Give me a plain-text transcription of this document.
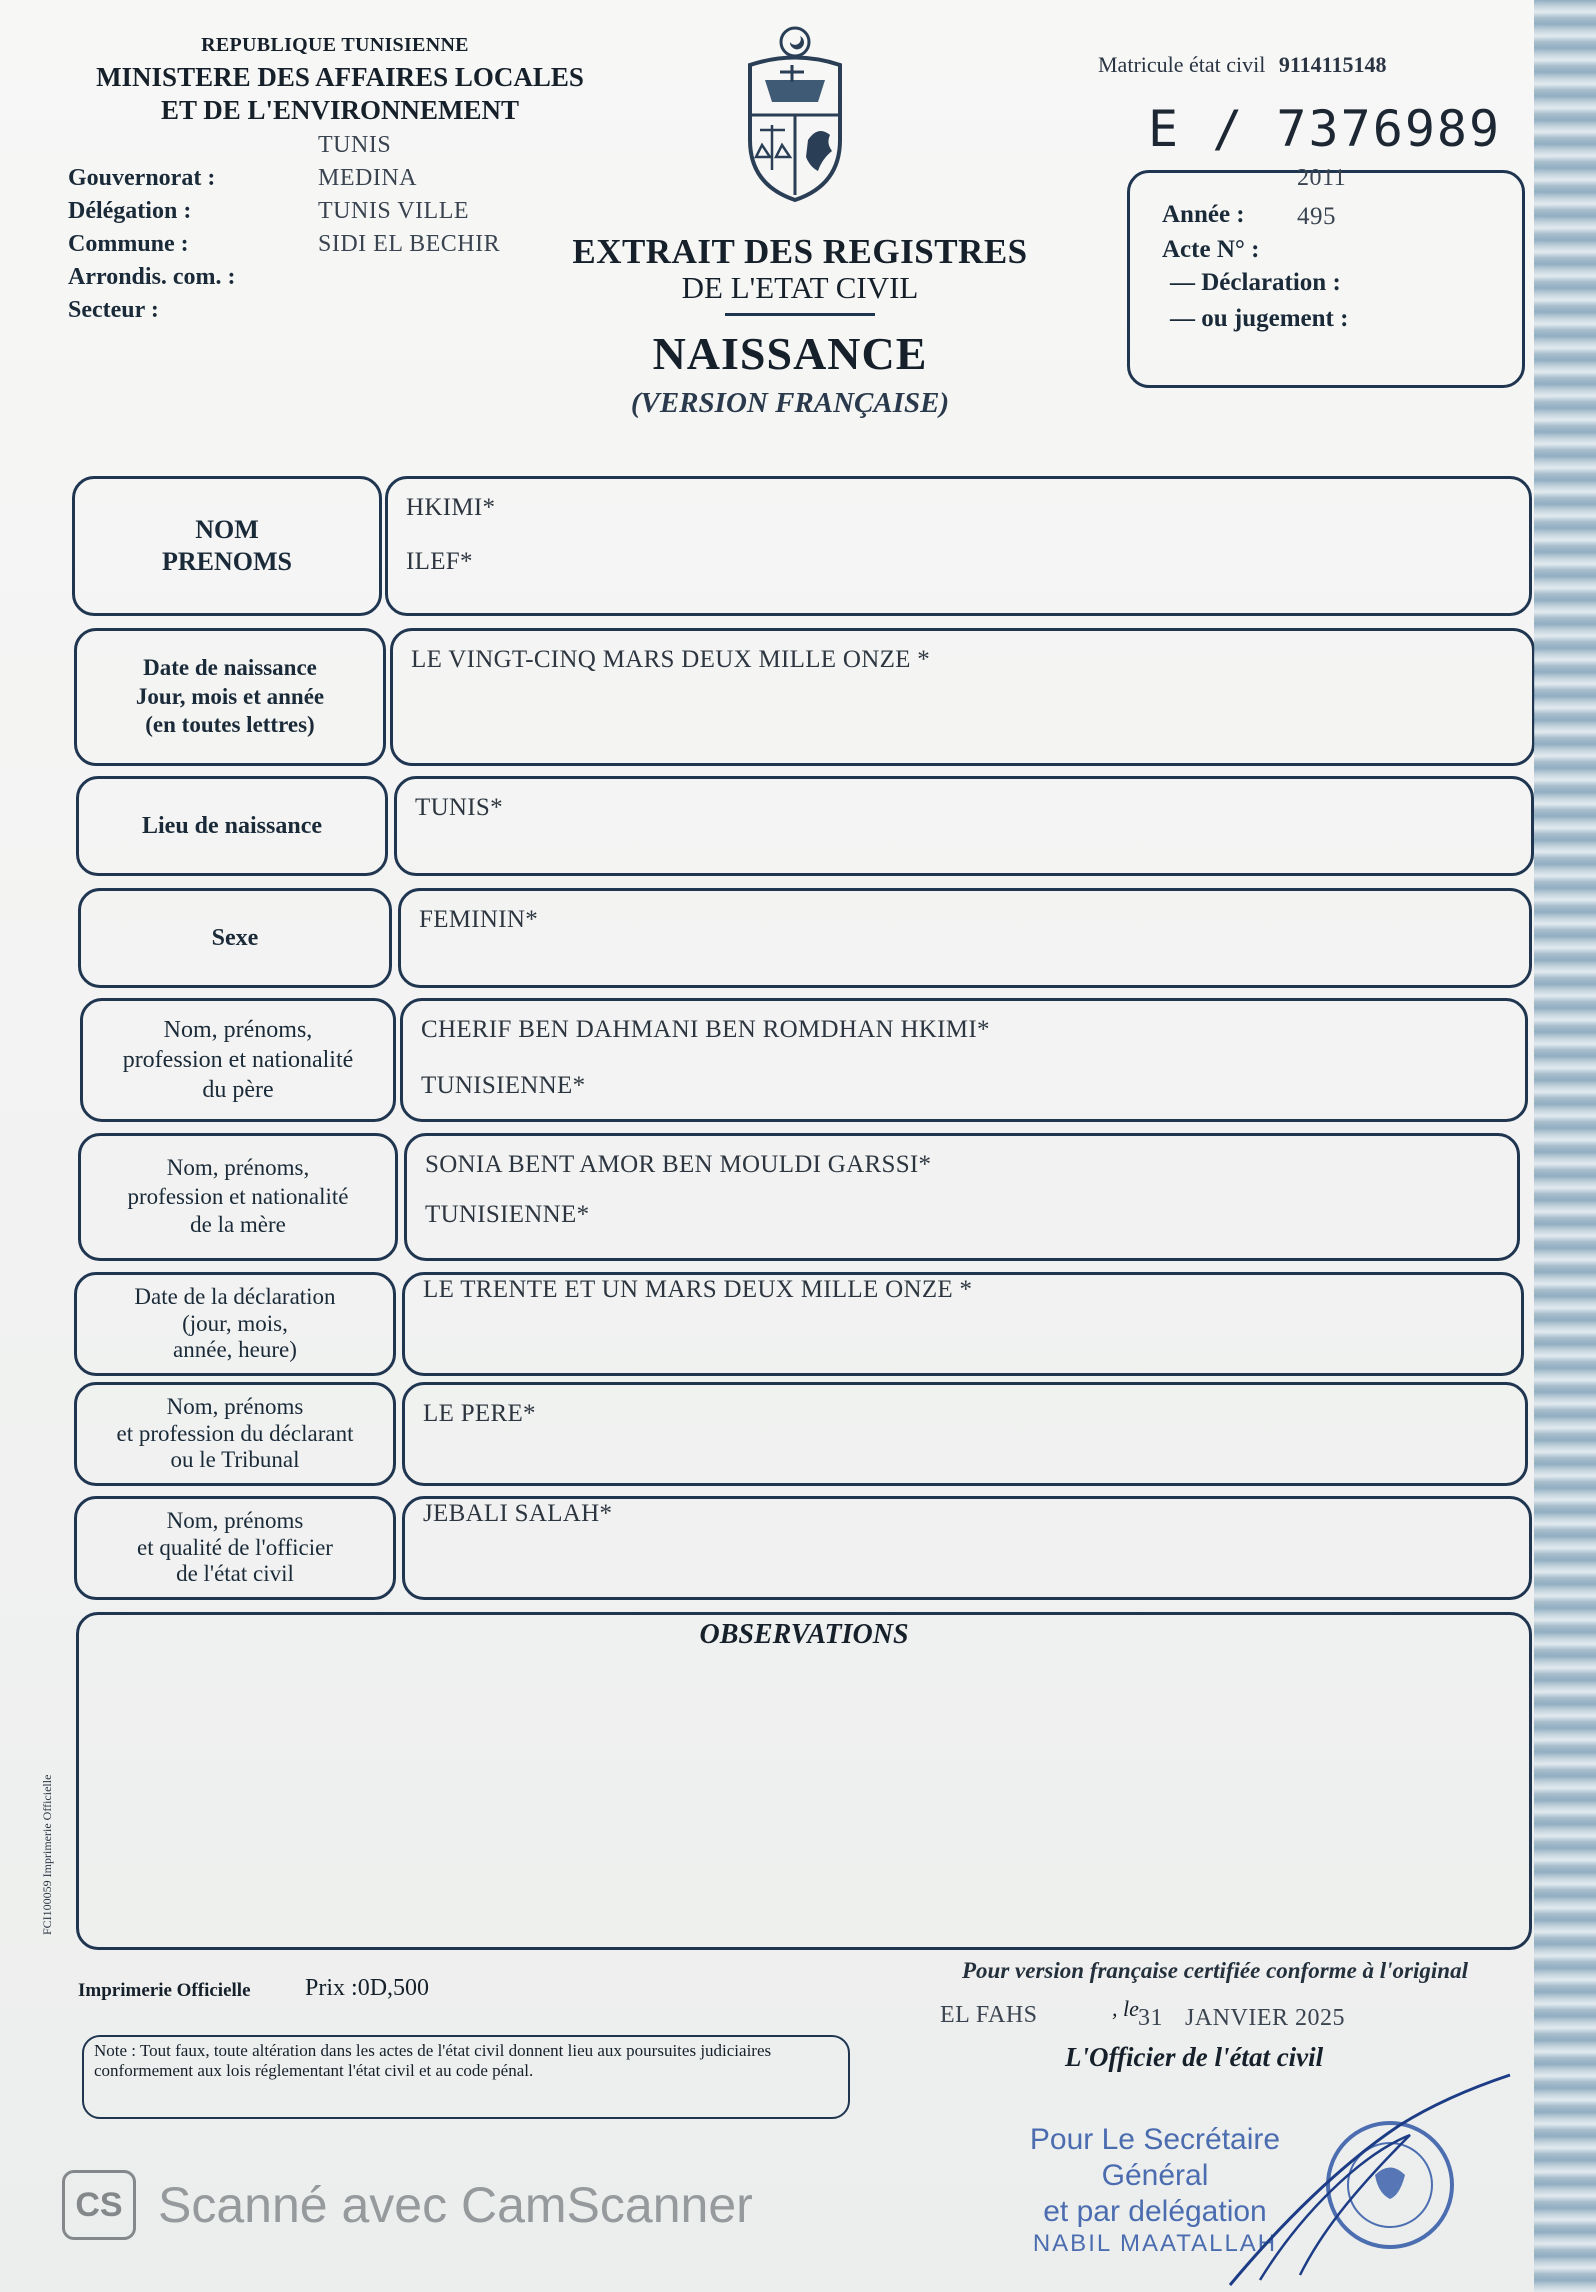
REPUBLIQUE TUNISIENNE
MINISTERE DES AFFAIRES LOCALES
ET DE L'ENVIRONNEMENT
Gouvernorat :
TUNIS
Délégation :
MEDINA
Commune :
TUNIS VILLE
Arrondis. com. :
SIDI EL BECHIR
Secteur :
Matricule état civil 9114115148
E / 7376989
2011
Année : 495
Acte N° :
— Déclaration :
— ou jugement :
EXTRAIT DES REGISTRES
DE L'ETAT CIVIL
NAISSANCE
(VERSION FRANÇAISE)
NOM
PRENOMS
HKIMI*
ILEF*
Date de naissance
Jour, mois et année
(en toutes lettres)
LE VINGT-CINQ MARS DEUX MILLE ONZE *
Lieu de naissance
TUNIS*
Sexe
FEMININ*
Nom, prénoms,
profession et nationalité
du père
CHERIF BEN DAHMANI BEN ROMDHAN HKIMI*
TUNISIENNE*
Nom, prénoms,
profession et nationalité
de la mère
SONIA BENT AMOR BEN MOULDI GARSSI*
TUNISIENNE*
Date de la déclaration
(jour, mois,
année, heure)
LE TRENTE ET UN MARS DEUX MILLE ONZE *
Nom, prénoms
et profession du déclarant
ou le Tribunal
LE PERE*
Nom, prénoms
et qualité de l'officier
de l'état civil
JEBALI SALAH*
OBSERVATIONS
FCI100059 Imprimerie Officielle
Imprimerie Officielle Prix :0D,500
Pour version française certifiée conforme à l'original
EL FAHS	, le 31 JANVIER 2025
L'Officier de l'état civil
Note : Tout faux, toute altération dans les actes de l'état civil donnent lieu aux poursuites judiciaires conformement aux lois réglementant l'état civil et au code pénal.
Pour Le Secrétaire
Général
et par delégation
NABIL MAATALLAH
CS Scanné avec CamScanner
